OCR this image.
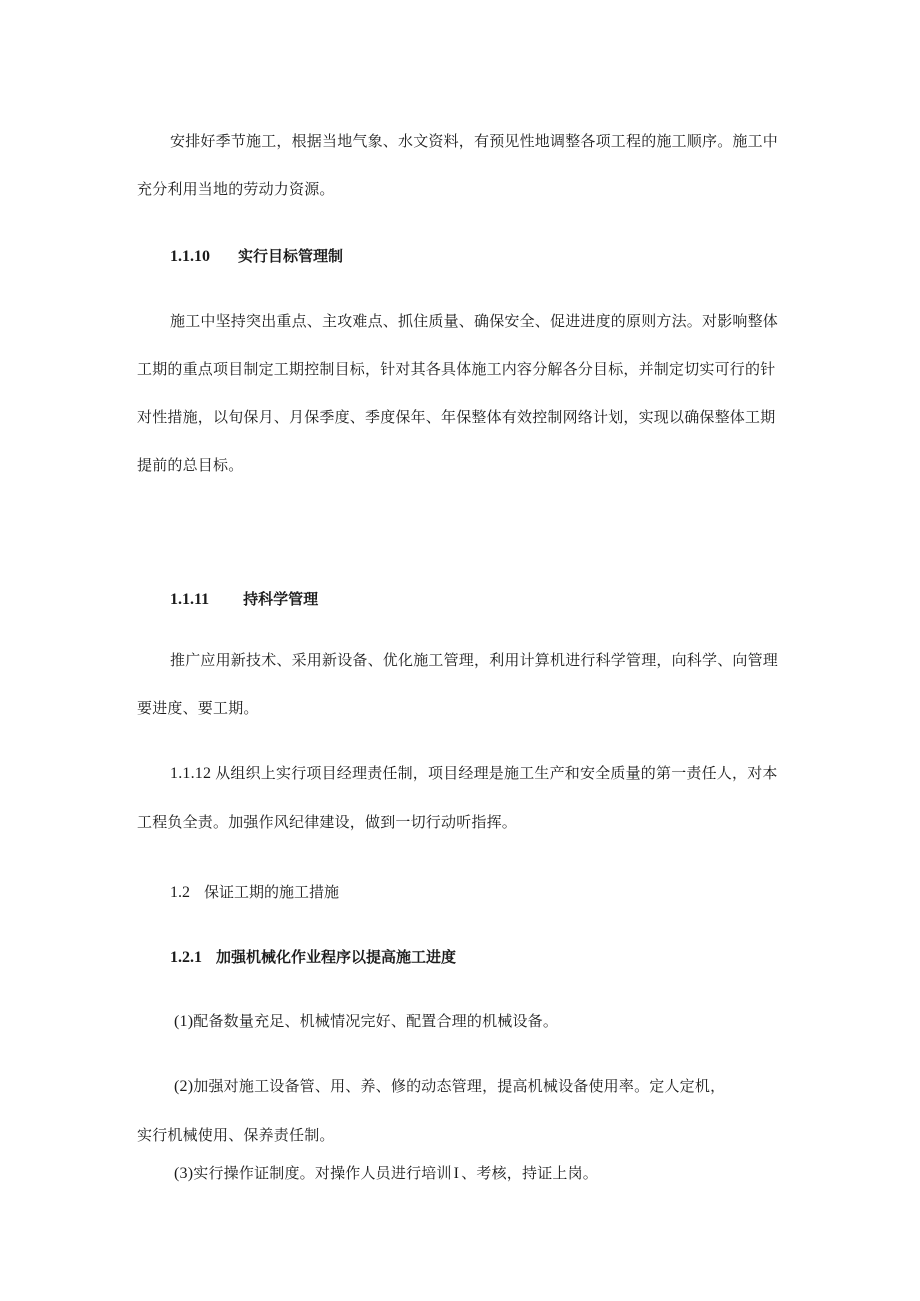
安排好季节施工，根据当地气象、水文资料，有预见性地调整各项工程的施工顺序。施工中
充分利用当地的劳动力资源。
1.1.10 实行目标管理制
施工中坚持突出重点、主攻难点、抓住质量、确保安全、促进进度的原则方法。对影响整体
工期的重点项目制定工期控制目标，针对其各具体施工内容分解各分目标，并制定切实可行的针
对性措施，以旬保月、月保季度、季度保年、年保整体有效控制网络计划，实现以确保整体工期
提前的总目标。
1.1.11 持科学管理
推广应用新技术、采用新设备、优化施工管理，利用计算机进行科学管理，向科学、向管理
要进度、要工期。
1.1.12 从组织上实行项目经理责任制，项目经理是施工生产和安全质量的第一责任人，对本
工程负全责。加强作风纪律建设，做到一切行动听指挥。
1.2 保证工期的施工措施
1.2.1 加强机械化作业程序以提高施工进度
(1)配备数量充足、机械情况完好、配置合理的机械设备。
(2)加强对施工设备管、用、养、修的动态管理，提高机械设备使用率。定人定机，
实行机械使用、保养责任制。
(3)实行操作证制度。对操作人员进行培训 I 、考核，持证上岗。
